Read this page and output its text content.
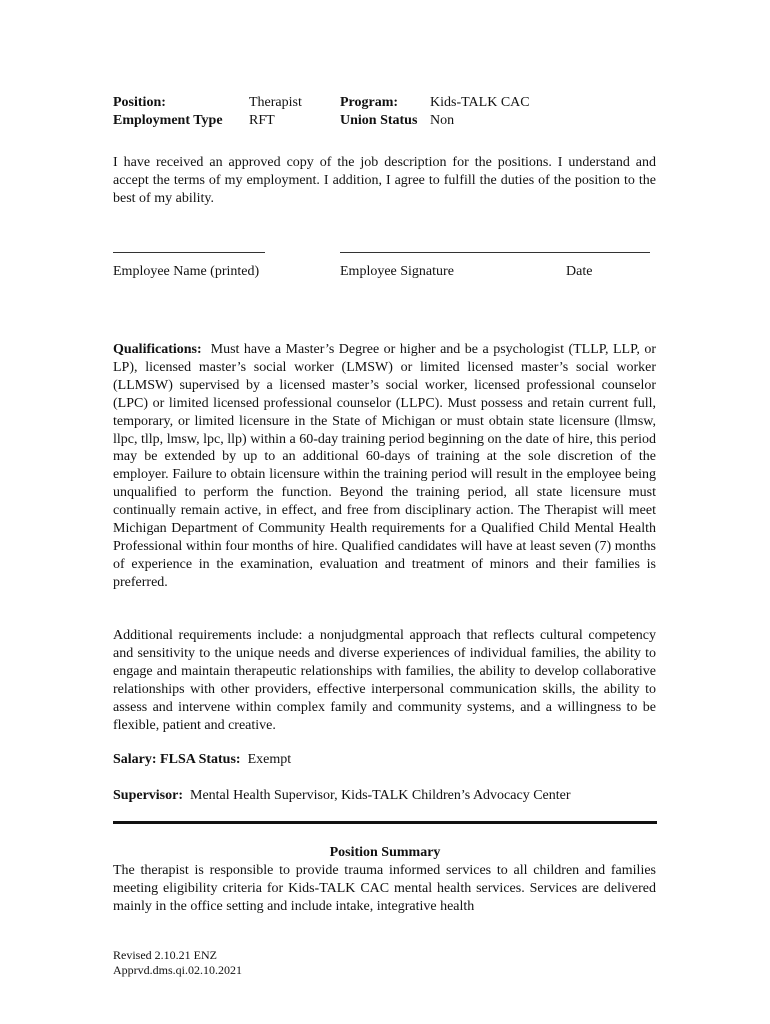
Position:	Therapist	Program: Kids-TALK CAC
Employment Type RFT	Union Status Non
I have received an approved copy of the job description for the positions. I understand and accept the terms of my employment. I addition, I agree to fulfill the duties of the position to the best of my ability.
Employee Name (printed)	Employee Signature	Date
Qualifications: Must have a Master’s Degree or higher and be a psychologist (TLLP, LLP, or LP), licensed master’s social worker (LMSW) or limited licensed master’s social worker (LLMSW) supervised by a licensed master’s social worker, licensed professional counselor (LPC) or limited licensed professional counselor (LLPC). Must possess and retain current full, temporary, or limited licensure in the State of Michigan or must obtain state licensure (llmsw, llpc, tllp, lmsw, lpc, llp) within a 60-day training period beginning on the date of hire, this period may be extended by up to an additional 60-days of training at the sole discretion of the employer. Failure to obtain licensure within the training period will result in the employee being unqualified to perform the function. Beyond the training period, all state licensure must continually remain active, in effect, and free from disciplinary action. The Therapist will meet Michigan Department of Community Health requirements for a Qualified Child Mental Health Professional within four months of hire. Qualified candidates will have at least seven (7) months of experience in the examination, evaluation and treatment of minors and their families is preferred.
Additional requirements include: a nonjudgmental approach that reflects cultural competency and sensitivity to the unique needs and diverse experiences of individual families, the ability to engage and maintain therapeutic relationships with families, the ability to develop collaborative relationships with other providers, effective interpersonal communication skills, the ability to assess and intervene within complex family and community systems, and a willingness to be flexible, patient and creative.
Salary: FLSA Status: Exempt
Supervisor: Mental Health Supervisor, Kids-TALK Children’s Advocacy Center
Position Summary
The therapist is responsible to provide trauma informed services to all children and families meeting eligibility criteria for Kids-TALK CAC mental health services. Services are delivered mainly in the office setting and include intake, integrative health
Revised 2.10.21 ENZ
Apprvd.dms.qi.02.10.2021
